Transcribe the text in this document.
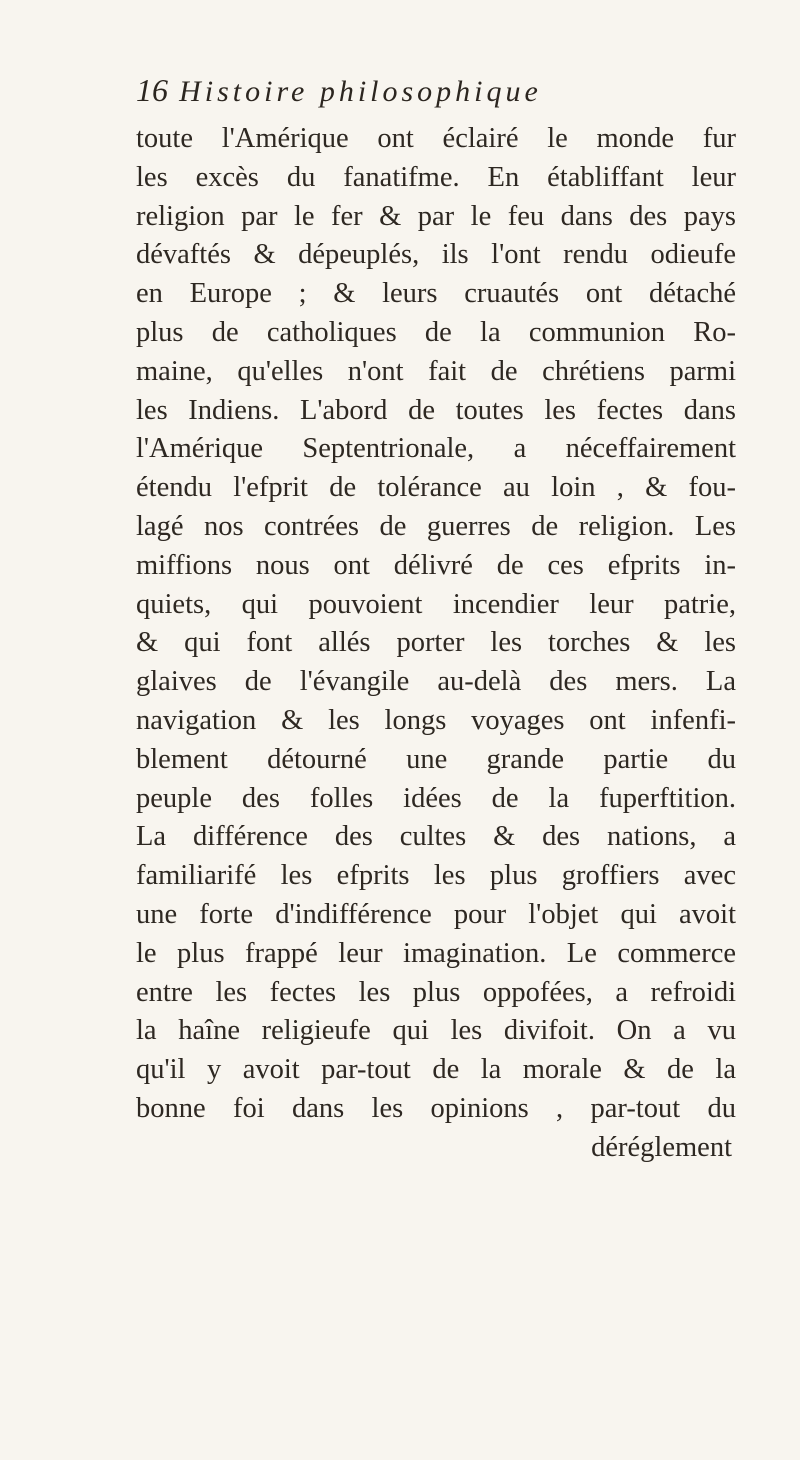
16 Histoire philosophique
toute l'Amérique ont éclairé le monde fur
les excès du fanatifme. En établiffant leur
religion par le fer & par le feu dans des pays
dévaftés & dépeuplés, ils l'ont rendu odieufe
en Europe ; & leurs cruautés ont détaché
plus de catholiques de la communion Ro-
maine, qu'elles n'ont fait de chrétiens parmi
les Indiens. L'abord de toutes les fectes dans
l'Amérique Septentrionale, a néceffairement
étendu l'efprit de tolérance au loin , & fou-
lagé nos contrées de guerres de religion. Les
miffions nous ont délivré de ces efprits in-
quiets, qui pouvoient incendier leur patrie,
& qui font allés porter les torches & les
glaives de l'évangile au-delà des mers. La
navigation & les longs voyages ont infenfi-
blement détourné une grande partie du
peuple des folles idées de la fuperftition.
La différence des cultes & des nations, a
familiarifé les efprits les plus groffiers avec
une forte d'indifférence pour l'objet qui avoit
le plus frappé leur imagination. Le commerce
entre les fectes les plus oppofées, a refroidi
la haîne religieufe qui les divifoit. On a vu
qu'il y avoit par-tout de la morale & de la
bonne foi dans les opinions , par-tout du
déréglement
